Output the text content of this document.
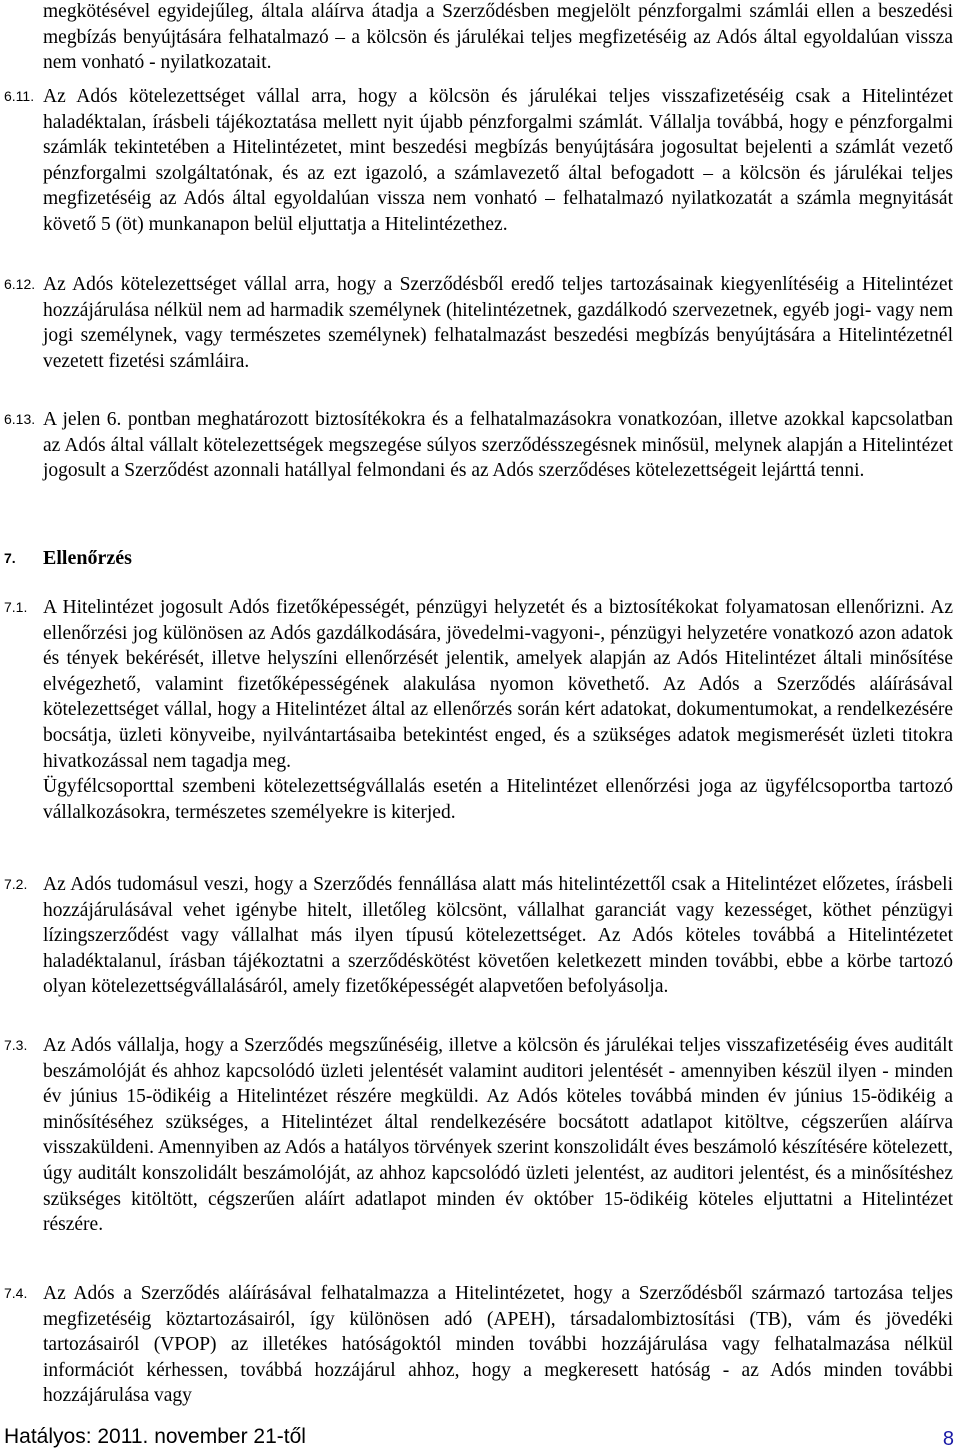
megkötésével egyidejűleg, általa aláírva átadja a Szerződésben megjelölt pénzforgalmi számlái ellen a beszedési megbízás benyújtására felhatalmazó – a kölcsön és járulékai teljes megfizetéséig az Adós által egyoldalúan vissza nem vonható - nyilatkozatait.

6.11. Az Adós kötelezettséget vállal arra, hogy a kölcsön és járulékai teljes visszafizetéséig csak a Hitelintézet haladéktalan, írásbeli tájékoztatása mellett nyit újabb pénzforgalmi számlát. Vállalja továbbá, hogy e pénzforgalmi számlák tekintetében a Hitelintézetet, mint beszedési megbízás benyújtására jogosultat bejelenti a számlát vezető pénzforgalmi szolgáltatónak, és az ezt igazoló, a számlavezető által befogadott – a kölcsön és járulékai teljes megfizetéséig az Adós által egyoldalúan vissza nem vonható – felhatalmazó nyilatkozatát a számla megnyitását követő 5 (öt) munkanapon belül eljuttatja a Hitelintézethez.

6.12. Az Adós kötelezettséget vállal arra, hogy a Szerződésből eredő teljes tartozásainak kiegyenlítéséig a Hitelintézet hozzájárulása nélkül nem ad harmadik személynek (hitelintézetnek, gazdálkodó szervezetnek, egyéb jogi- vagy nem jogi személynek, vagy természetes személynek) felhatalmazást beszedési megbízás benyújtására a Hitelintézetnél vezetett fizetési számláira.

6.13. A jelen 6. pontban meghatározott biztosítékokra és a felhatalmazásokra vonatkozóan, illetve azokkal kapcsolatban az Adós által vállalt kötelezettségek megszegése súlyos szerződésszegésnek minősül, melynek alapján a Hitelintézet jogosult a Szerződést azonnali hatállyal felmondani és az Adós szerződéses kötelezettségeit lejárttá tenni.

7. Ellenőrzés
7.1. A Hitelintézet jogosult Adós fizetőképességét, pénzügyi helyzetét és a biztosítékokat folyamatosan ellenőrizni. Az ellenőrzési jog különösen az Adós gazdálkodására, jövedelmi-vagyoni-, pénzügyi helyzetére vonatkozó azon adatok és tények bekérését, illetve helyszíni ellenőrzését jelentik, amelyek alapján az Adós Hitelintézet általi minősítése elvégezhető, valamint fizetőképességének alakulása nyomon követhető. Az Adós a Szerződés aláírásával kötelezettséget vállal, hogy a Hitelintézet által az ellenőrzés során kért adatokat, dokumentumokat, a rendelkezésére bocsátja, üzleti könyveibe, nyilvántartásaiba betekintést enged, és a szükséges adatok megismerését üzleti titokra hivatkozással nem tagadja meg.

Ügyfélcsoporttal szembeni kötelezettségvállalás esetén a Hitelintézet ellenőrzési joga az ügyfélcsoportba tartozó vállalkozásokra, természetes személyekre is kiterjed.

7.2. Az Adós tudomásul veszi, hogy a Szerződés fennállása alatt más hitelintézettől csak a Hitelintézet előzetes, írásbeli hozzájárulásával vehet igénybe hitelt, illetőleg kölcsönt, vállalhat garanciát vagy kezességet, köthet pénzügyi lízingszerződést vagy vállalhat más ilyen típusú kötelezettséget. Az Adós köteles továbbá a Hitelintézetet haladéktalanul, írásban tájékoztatni a szerződéskötést követően keletkezett minden további, ebbe a körbe tartozó olyan kötelezettségvállalásáról, amely fizetőképességét alapvetően befolyásolja.

7.3. Az Adós vállalja, hogy a Szerződés megszűnéséig, illetve a kölcsön és járulékai teljes visszafizetéséig éves auditált beszámolóját és ahhoz kapcsolódó üzleti jelentését valamint auditori jelentését - amennyiben készül ilyen - minden év június 15-ödikéig a Hitelintézet részére megküldi. Az Adós köteles továbbá minden év június 15-ödikéig a minősítéséhez szükséges, a Hitelintézet által rendelkezésére bocsátott adatlapot kitöltve, cégszerűen aláírva visszaküldeni. Amennyiben az Adós a hatályos törvények szerint konszolidált éves beszámoló készítésére kötelezett, úgy auditált konszolidált beszámolóját, az ahhoz kapcsolódó üzleti jelentést, az auditori jelentést, és a minősítéshez szükséges kitöltött, cégszerűen aláírt adatlapot minden év október 15-ödikéig köteles eljuttatni a Hitelintézet részére.

7.4. Az Adós a Szerződés aláírásával felhatalmazza a Hitelintézetet, hogy a Szerződésből származó tartozása teljes megfizetéséig köztartozásairól, így különösen adó (APEH), társadalombiztosítási (TB), vám és jövedéki tartozásairól (VPOP) az illetékes hatóságoktól minden további hozzájárulása vagy felhatalmazása nélkül információt kérhessen, továbbá hozzájárul ahhoz, hogy a megkeresett hatóság - az Adós minden további hozzájárulása vagy

Hatályos: 2011. november 21-től	8
